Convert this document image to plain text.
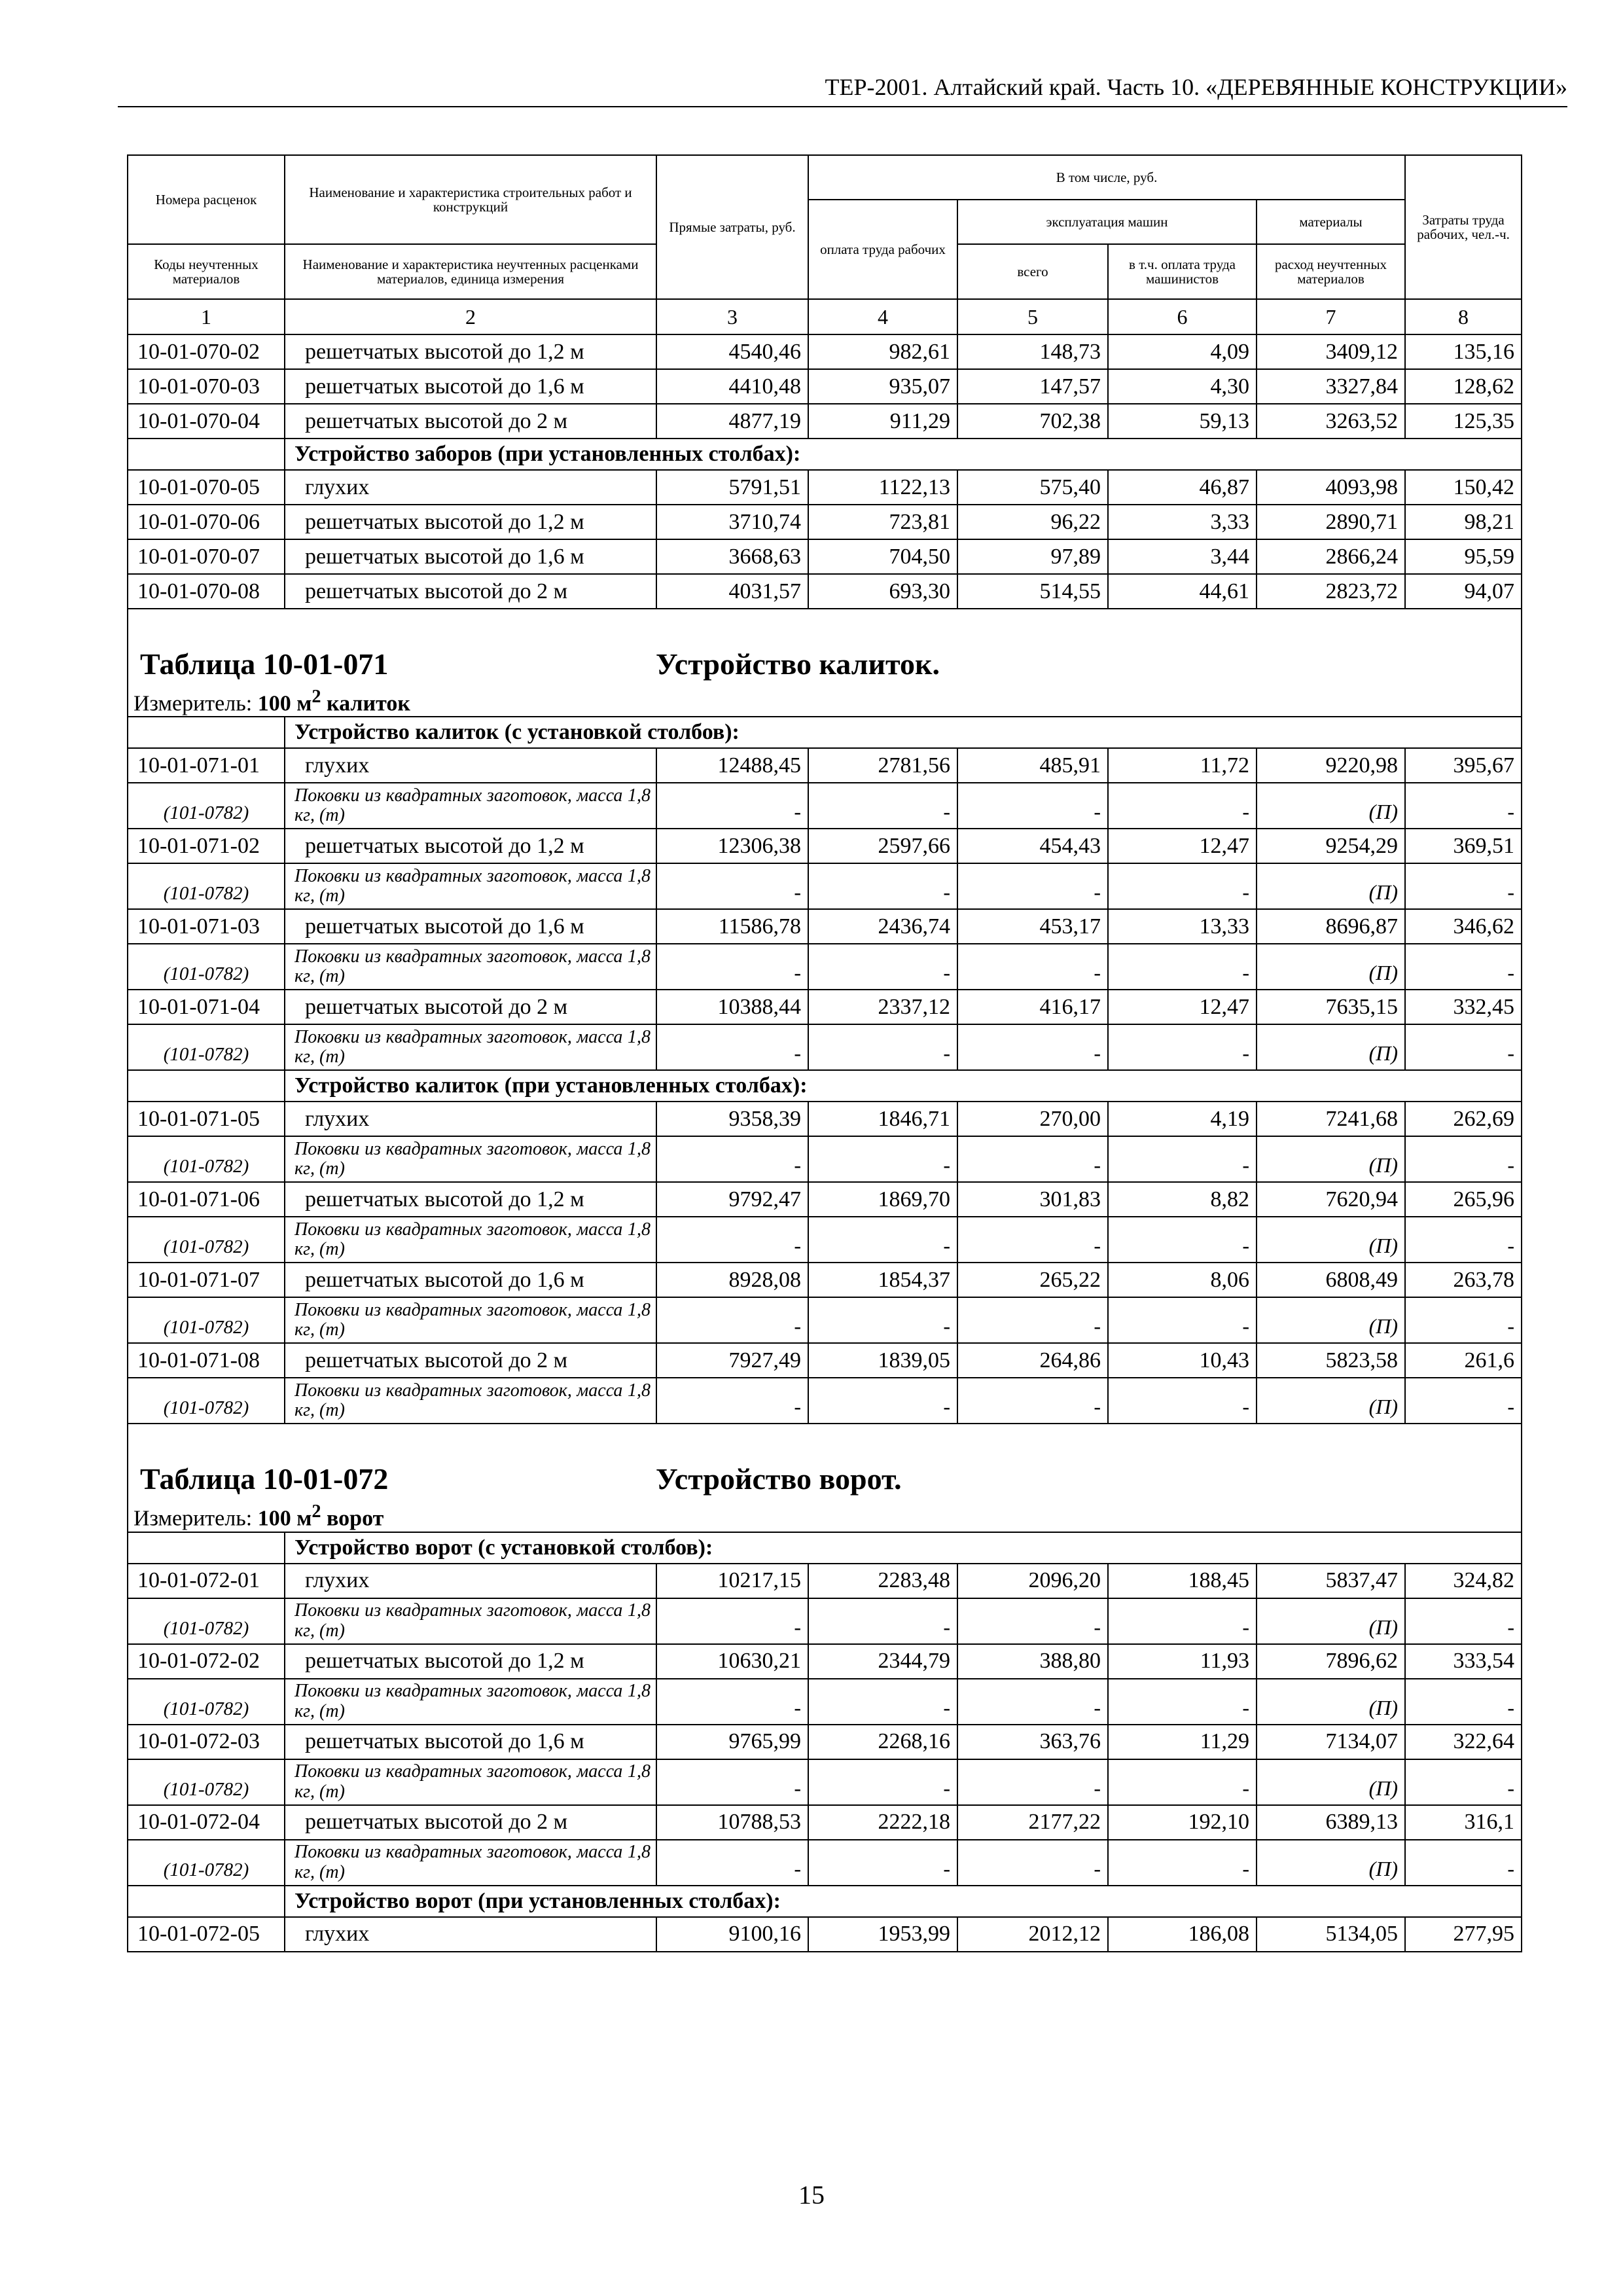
ТЕР-2001. Алтайский край. Часть 10. «ДЕРЕВЯННЫЕ КОНСТРУКЦИИ»
Номера расценок	Наименование и характеристика строительных работ и конструкций	Прямые затраты, руб.	В том числе, руб.				Затраты труда рабочих, чел.-ч.
			оплата труда рабочих	эксплуатация машин		материалы	
Коды неучтенных материалов	Наименование и характеристика неучтенных расценками материалов, единица измерения			всего	в т.ч. оплата труда машинистов	расход неучтенных материалов	
1	2	3	4	5	6	7	8
10-01-070-02	решетчатых высотой до 1,2 м	4540,46	982,61	148,73	4,09	3409,12	135,16
10-01-070-03	решетчатых высотой до 1,6 м	4410,48	935,07	147,57	4,30	3327,84	128,62
10-01-070-04	решетчатых высотой до 2 м	4877,19	911,29	702,38	59,13	3263,52	125,35
	Устройство заборов (при установленных столбах):						
10-01-070-05	глухих	5791,51	1122,13	575,40	46,87	4093,98	150,42
10-01-070-06	решетчатых высотой до 1,2 м	3710,74	723,81	96,22	3,33	2890,71	98,21
10-01-070-07	решетчатых высотой до 1,6 м	3668,63	704,50	97,89	3,44	2866,24	95,59
10-01-070-08	решетчатых высотой до 2 м	4031,57	693,30	514,55	44,61	2823,72	94,07
Таблица 10-01-071 Устройство калиток.							
Измеритель: 100 $м^2$ калиток							
	Устройство калиток (с установкой столбов):						
10-01-071-01	глухих	12488,45	2781,56	485,91	11,72	9220,98	395,67
(101-0782)	Поковки из квадратных заготовок, масса 1,8 кг, (т)	-	-	-	-	(П)	-
10-01-071-02	решетчатых высотой до 1,2 м	12306,38	2597,66	454,43	12,47	9254,29	369,51
(101-0782)	Поковки из квадратных заготовок, масса 1,8 кг, (т)	-	-	-	-	(П)	-
10-01-071-03	решетчатых высотой до 1,6 м	11586,78	2436,74	453,17	13,33	8696,87	346,62
(101-0782)	Поковки из квадратных заготовок, масса 1,8 кг, (т)	-	-	-	-	(П)	-
10-01-071-04	решетчатых высотой до 2 м	10388,44	2337,12	416,17	12,47	7635,15	332,45
(101-0782)	Поковки из квадратных заготовок, масса 1,8 кг, (т)	-	-	-	-	(П)	-
	Устройство калиток (при установленных столбах):						
10-01-071-05	глухих	9358,39	1846,71	270,00	4,19	7241,68	262,69
(101-0782)	Поковки из квадратных заготовок, масса 1,8 кг, (т)	-	-	-	-	(П)	-
10-01-071-06	решетчатых высотой до 1,2 м	9792,47	1869,70	301,83	8,82	7620,94	265,96
(101-0782)	Поковки из квадратных заготовок, масса 1,8 кг, (т)	-	-	-	-	(П)	-
10-01-071-07	решетчатых высотой до 1,6 м	8928,08	1854,37	265,22	8,06	6808,49	263,78
(101-0782)	Поковки из квадратных заготовок, масса 1,8 кг, (т)	-	-	-	-	(П)	-
10-01-071-08	решетчатых высотой до 2 м	7927,49	1839,05	264,86	10,43	5823,58	261,6
(101-0782)	Поковки из квадратных заготовок, масса 1,8 кг, (т)	-	-	-	-	(П)	-
Таблица 10-01-072 Устройство ворот.							
Измеритель: 100 $м^2$ ворот							
	Устройство ворот (с установкой столбов):						
10-01-072-01	глухих	10217,15	2283,48	2096,20	188,45	5837,47	324,82
(101-0782)	Поковки из квадратных заготовок, масса 1,8 кг, (т)	-	-	-	-	(П)	-
10-01-072-02	решетчатых высотой до 1,2 м	10630,21	2344,79	388,80	11,93	7896,62	333,54
(101-0782)	Поковки из квадратных заготовок, масса 1,8 кг, (т)	-	-	-	-	(П)	-
10-01-072-03	решетчатых высотой до 1,6 м	9765,99	2268,16	363,76	11,29	7134,07	322,64
(101-0782)	Поковки из квадратных заготовок, масса 1,8 кг, (т)	-	-	-	-	(П)	-
10-01-072-04	решетчатых высотой до 2 м	10788,53	2222,18	2177,22	192,10	6389,13	316,1
(101-0782)	Поковки из квадратных заготовок, масса 1,8 кг, (т)	-	-	-	-	(П)	-
	Устройство ворот (при установленных столбах):						
10-01-072-05	глухих	9100,16	1953,99	2012,12	186,08	5134,05	277,95
15
